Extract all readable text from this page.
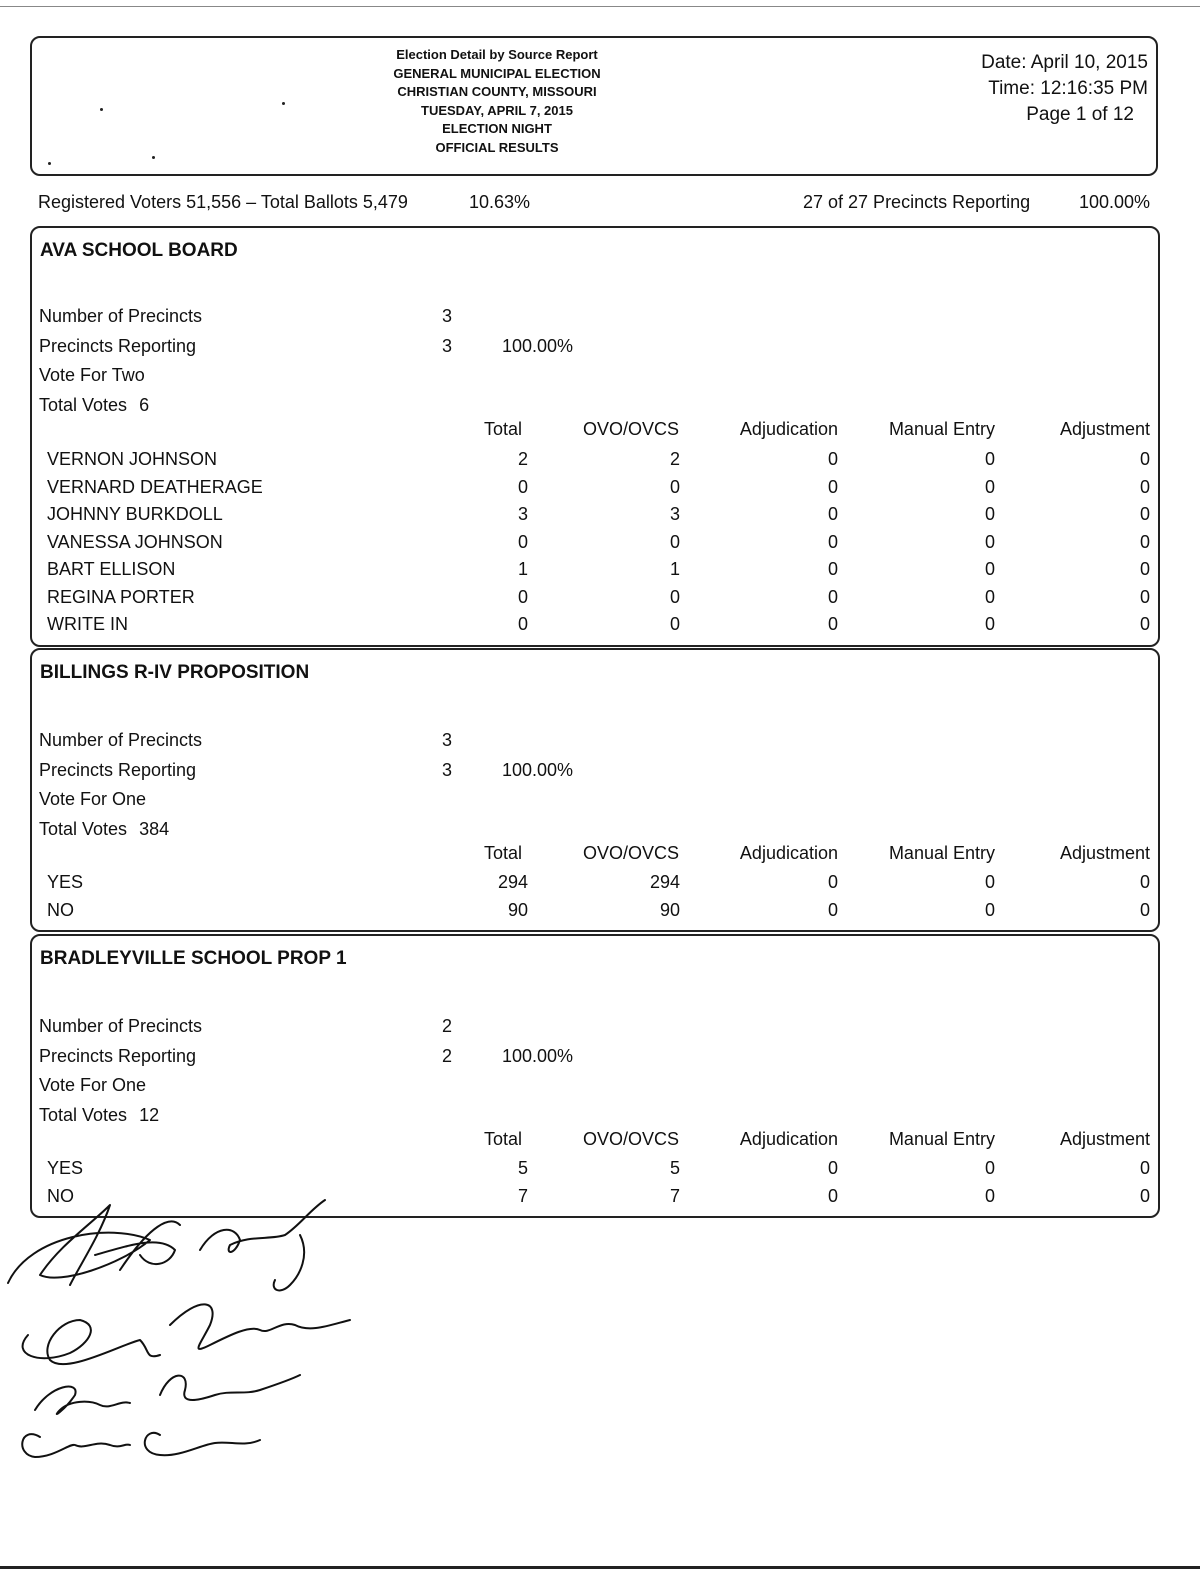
Election Detail by Source Report
GENERAL MUNICIPAL ELECTION
CHRISTIAN COUNTY, MISSOURI
TUESDAY, APRIL 7, 2015
ELECTION NIGHT
OFFICIAL RESULTS
Date: April 10, 2015
Time: 12:16:35 PM
Page 1 of 12
Registered Voters 51,556 – Total Ballots 5,479	10.63%	27 of 27 Precincts Reporting	100.00%
AVA SCHOOL BOARD
Number of Precincts	3
Precincts Reporting	3	100.00%
Vote For Two
Total Votes 6
Total	OVO/OVCS	Adjudication	Manual Entry	Adjustment
VERNON JOHNSON	2	2	0	0	0
VERNARD DEATHERAGE	0	0	0	0	0
JOHNNY BURKDOLL	3	3	0	0	0
VANESSA JOHNSON	0	0	0	0	0
BART ELLISON	1	1	0	0	0
REGINA PORTER	0	0	0	0	0
WRITE IN	0	0	0	0	0
BILLINGS R-IV PROPOSITION
Number of Precincts	3
Precincts Reporting	3	100.00%
Vote For One
Total Votes 384
Total	OVO/OVCS	Adjudication	Manual Entry	Adjustment
YES	294	294	0	0	0
NO	90	90	0	0	0
BRADLEYVILLE SCHOOL PROP 1
Number of Precincts	2
Precincts Reporting	2	100.00%
Vote For One
Total Votes 12
Total	OVO/OVCS	Adjudication	Manual Entry	Adjustment
YES	5	5	0	0	0
NO	7	7	0	0	0
